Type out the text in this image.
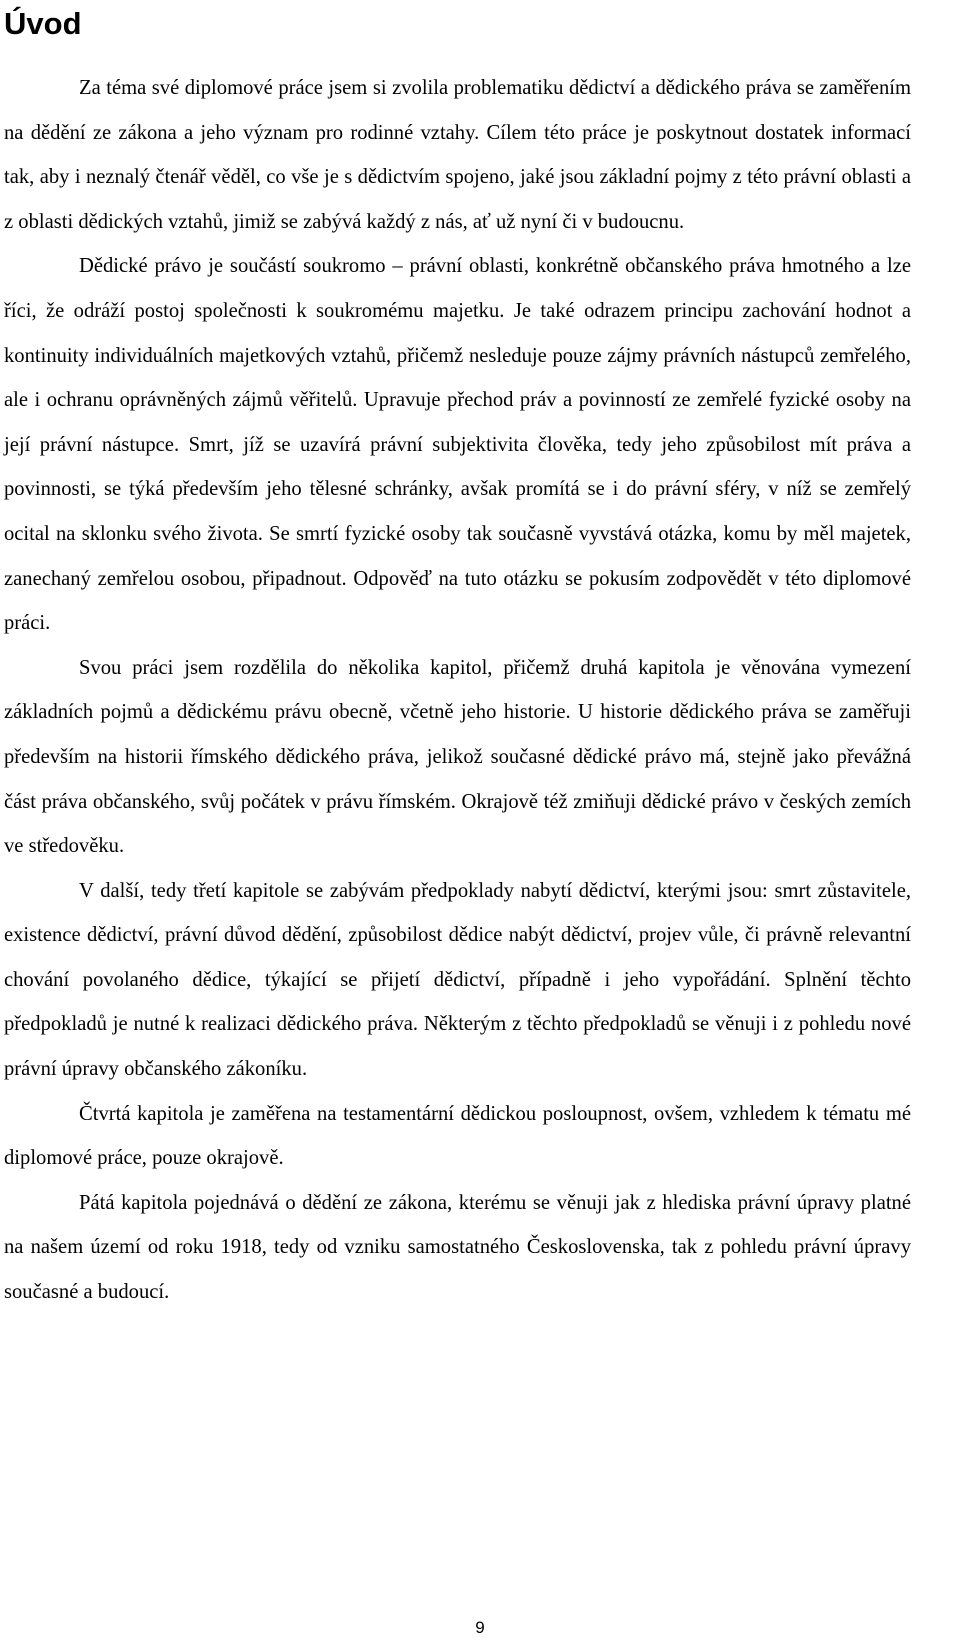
Úvod

Za téma své diplomové práce jsem si zvolila problematiku dědictví a dědického práva se zaměřením na dědění ze zákona a jeho význam pro rodinné vztahy. Cílem této práce je poskytnout dostatek informací tak, aby i neznalý čtenář věděl, co vše je s dědictvím spojeno, jaké jsou základní pojmy z této právní oblasti a z oblasti dědických vztahů, jimiž se zabývá každý z nás, ať už nyní či v budoucnu.

Dědické právo je součástí soukromo – právní oblasti, konkrétně občanského práva hmotného a lze říci, že odráží postoj společnosti k soukromému majetku. Je také odrazem principu zachování hodnot a kontinuity individuálních majetkových vztahů, přičemž nesleduje pouze zájmy právních nástupců zemřelého, ale i ochranu oprávněných zájmů věřitelů. Upravuje přechod práv a povinností ze zemřelé fyzické osoby na její právní nástupce. Smrt, jíž se uzavírá právní subjektivita člověka, tedy jeho způsobilost mít práva a povinnosti, se týká především jeho tělesné schránky, avšak promítá se i do právní sféry, v níž se zemřelý ocital na sklonku svého života. Se smrtí fyzické osoby tak současně vyvstává otázka, komu by měl majetek, zanechaný zemřelou osobou, připadnout. Odpověď na tuto otázku se pokusím zodpovědět v této diplomové práci.

Svou práci jsem rozdělila do několika kapitol, přičemž druhá kapitola je věnována vymezení základních pojmů a dědickému právu obecně, včetně jeho historie. U historie dědického práva se zaměřuji především na historii římského dědického práva, jelikož současné dědické právo má, stejně jako převážná část práva občanského, svůj počátek v právu římském. Okrajově též zmiňuji dědické právo v českých zemích ve středověku.

V další, tedy třetí kapitole se zabývám předpoklady nabytí dědictví, kterými jsou: smrt zůstavitele, existence dědictví, právní důvod dědění, způsobilost dědice nabýt dědictví, projev vůle, či právně relevantní chování povolaného dědice, týkající se přijetí dědictví, případně i jeho vypořádání. Splnění těchto předpokladů je nutné k realizaci dědického práva. Některým z těchto předpokladů se věnuji i z pohledu nové právní úpravy občanského zákoníku.

Čtvrtá kapitola je zaměřena na testamentární dědickou posloupnost, ovšem, vzhledem k tématu mé diplomové práce, pouze okrajově.

Pátá kapitola pojednává o dědění ze zákona, kterému se věnuji jak z hlediska právní úpravy platné na našem území od roku 1918, tedy od vzniku samostatného Československa, tak z pohledu právní úpravy současné a budoucí.

9
